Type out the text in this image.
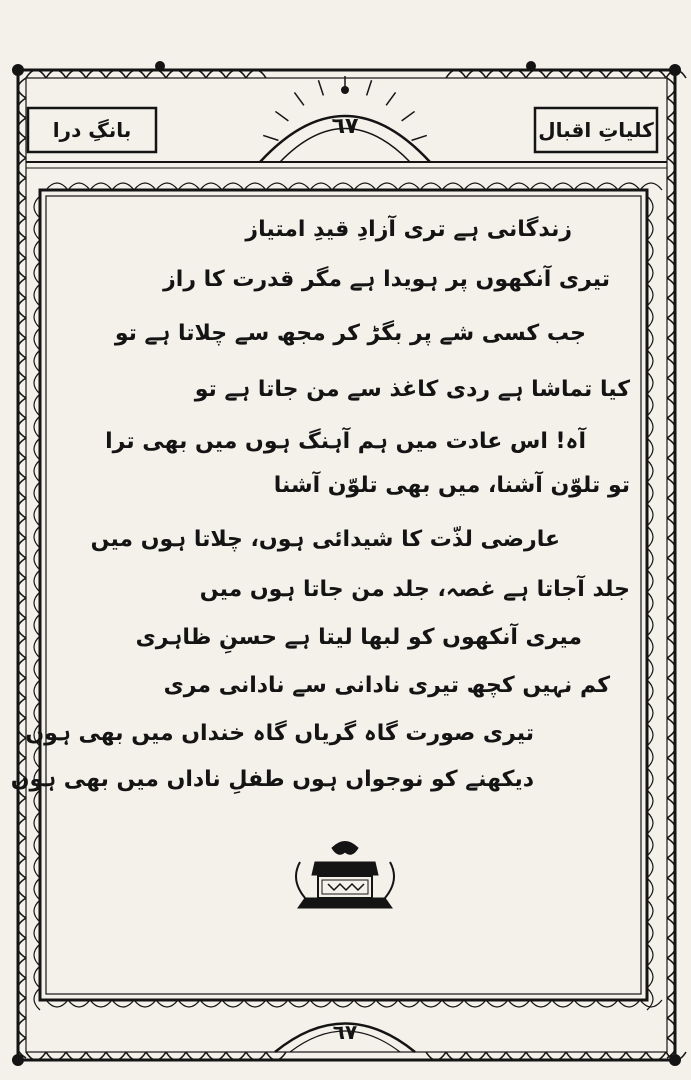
بانگِ درا	٦٧	کلیاتِ اقبال
زندگانی ہے تری آزادِ قیدِ امتیاز
تیری آنکھوں پر ہویدا ہے مگر قدرت کا راز
جب کسی شے پر بگڑ کر مجھ سے چلاتا ہے تو
کیا تماشا ہے ردی کاغذ سے من جاتا ہے تو
آہ! اس عادت میں ہم آہنگ ہوں میں بھی ترا
تو تلوّن آشنا، میں بھی تلوّن آشنا
عارضی لذّت کا شیدائی ہوں، چلاتا ہوں میں
جلد آجاتا ہے غصہ، جلد من جاتا ہوں میں
میری آنکھوں کو لبھا لیتا ہے حسنِ ظاہری
کم نہیں کچھ تیری نادانی سے نادانی مری
تیری صورت گاہ گریاں گاہ خنداں میں بھی ہوں
دیکھنے کو نوجواں ہوں طفلِ ناداں میں بھی ہوں
٦٧
